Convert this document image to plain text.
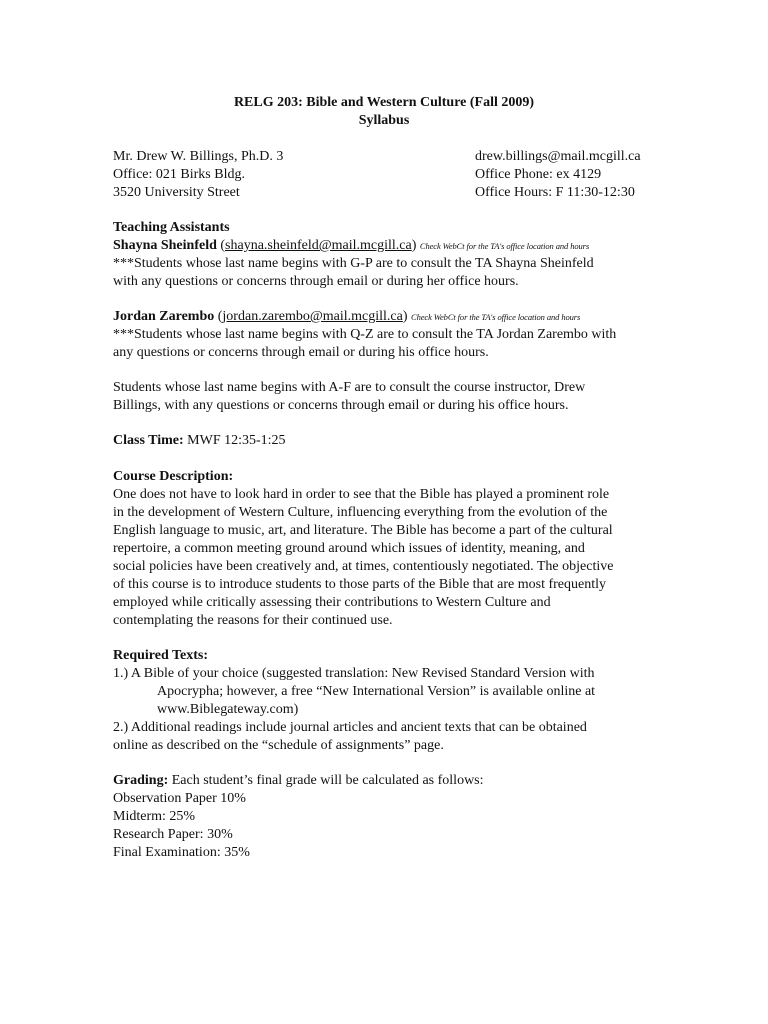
RELG 203: Bible and Western Culture (Fall 2009)
Syllabus
Mr. Drew W. Billings, Ph.D. 3
Office: 021 Birks Bldg.
3520 University Street
drew.billings@mail.mcgill.ca
Office Phone: ex 4129
Office Hours: F 11:30-12:30
Teaching Assistants
Shayna Sheinfeld (shayna.sheinfeld@mail.mcgill.ca) Check WebCt for the TA's office location and hours
***Students whose last name begins with G-P are to consult the TA Shayna Sheinfeld
with any questions or concerns through email or during her office hours.
Jordan Zarembo (jordan.zarembo@mail.mcgill.ca) Check WebCt for the TA's office location and hours
***Students whose last name begins with Q-Z are to consult the TA Jordan Zarembo with
any questions or concerns through email or during his office hours.
Students whose last name begins with A-F are to consult the course instructor, Drew
Billings, with any questions or concerns through email or during his office hours.
Class Time: MWF 12:35-1:25
Course Description:
One does not have to look hard in order to see that the Bible has played a prominent role
in the development of Western Culture, influencing everything from the evolution of the
English language to music, art, and literature. The Bible has become a part of the cultural
repertoire, a common meeting ground around which issues of identity, meaning, and
social policies have been creatively and, at times, contentiously negotiated. The objective
of this course is to introduce students to those parts of the Bible that are most frequently
employed while critically assessing their contributions to Western Culture and
contemplating the reasons for their continued use.
Required Texts:
1.) A Bible of your choice (suggested translation: New Revised Standard Version with
Apocrypha; however, a free “New International Version” is available online at
www.Biblegateway.com)
2.) Additional readings include journal articles and ancient texts that can be obtained
online as described on the “schedule of assignments” page.
Grading: Each student’s final grade will be calculated as follows:
Observation Paper 10%
Midterm: 25%
Research Paper: 30%
Final Examination: 35%
